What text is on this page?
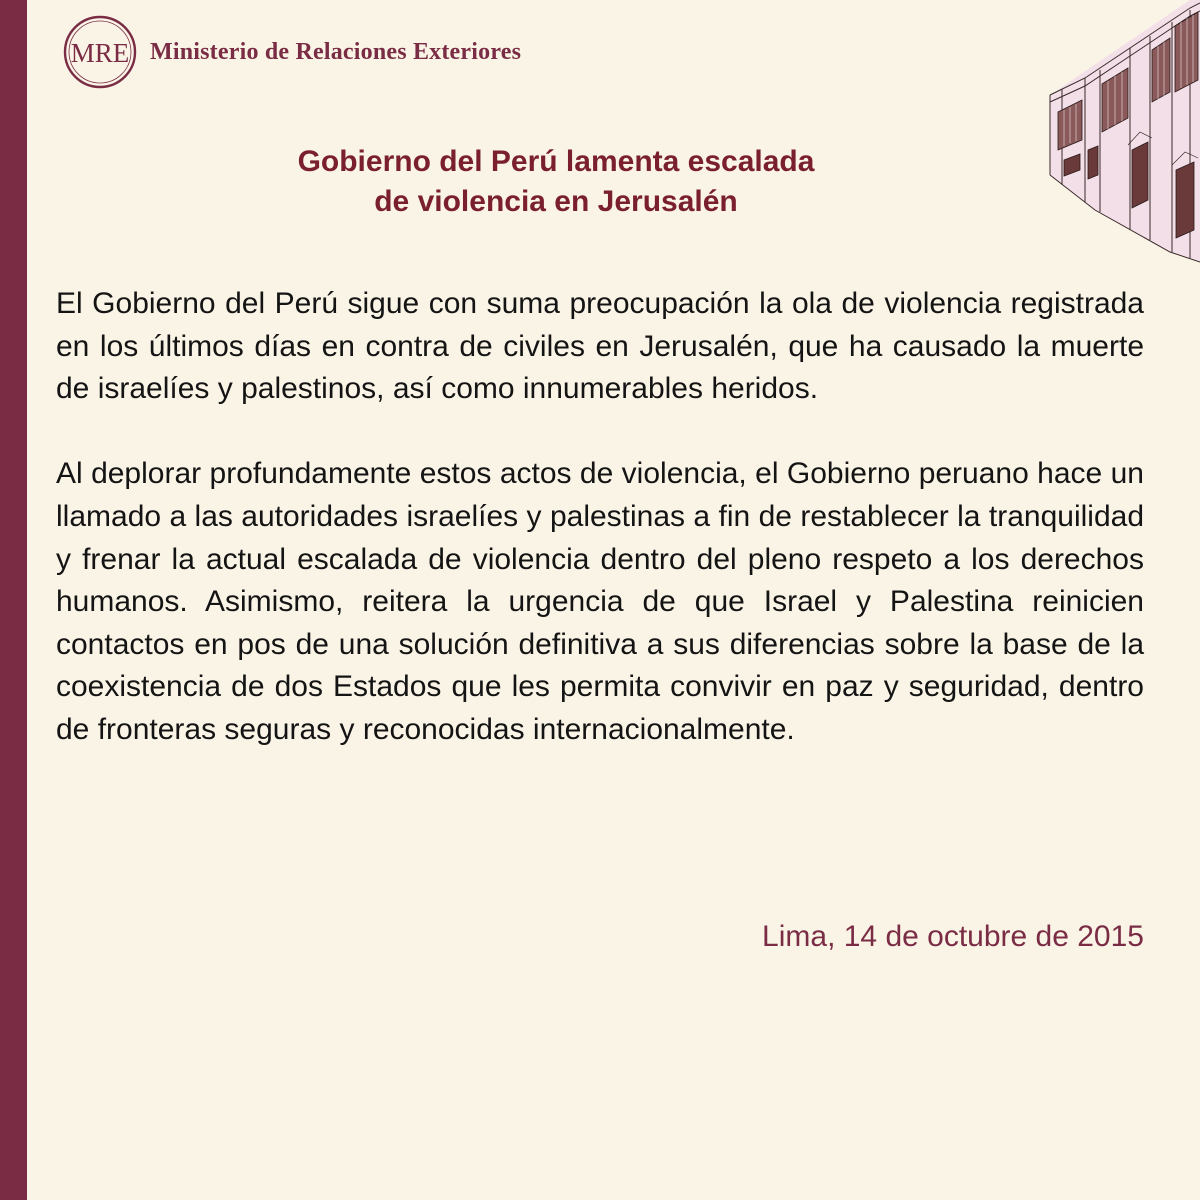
MRE Ministerio de Relaciones Exteriores
Gobierno del Perú lamenta escalada
de violencia en Jerusalén

El Gobierno del Perú sigue con suma preocupación la ola de violencia registrada en los últimos días en contra de civiles en Jerusalén, que ha causado la muerte de israelíes y palestinos, así como innumerables heridos.

Al deplorar profundamente estos actos de violencia, el Gobierno peruano hace un llamado a las autoridades israelíes y palestinas a fin de restablecer la tranquilidad y frenar la actual escalada de violencia dentro del pleno respeto a los derechos humanos. Asimismo, reitera la urgencia de que Israel y Palestina reinicien contactos en pos de una solución definitiva a sus diferencias sobre la base de la coexistencia de dos Estados que les permita convivir en paz y seguridad, dentro de fronteras seguras y reconocidas internacionalmente.

Lima, 14 de octubre de 2015
